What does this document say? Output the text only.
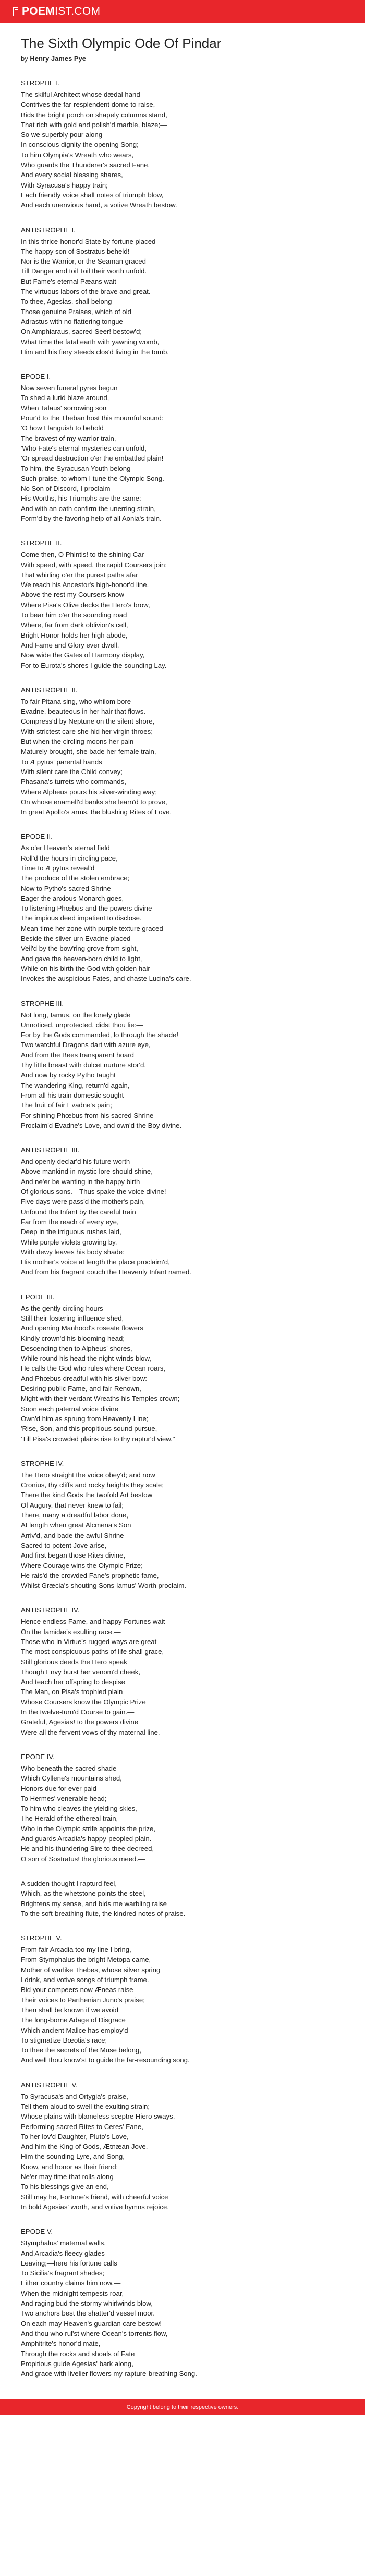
POEM IST.COM
The Sixth Olympic Ode Of Pindar
by Henry James Pye
STROPHE I.
The skilful Architect whose dædal hand
Contrives the far-resplendent dome to raise,
Bids the bright porch on shapely columns stand,
That rich with gold and polish'd marble, blaze;—
So we superbly pour along
In conscious dignity the opening Song;
To him Olympia's Wreath who wears,
Who guards the Thunderer's sacred Fane,
And every social blessing shares,
With Syracusa's happy train;
Each friendly voice shall notes of triumph blow,
And each unenvious hand, a votive Wreath bestow.
ANTISTROPHE I.
In this thrice-honor'd State by fortune placed
The happy son of Sostratus beheld!
Nor is the Warrior, or the Seaman graced
Till Danger and toil Toil their worth unfold.
But Fame's eternal Pæans wait
The virtuous labors of the brave and great.—
To thee, Agesias, shall belong
Those genuine Praises, which of old
Adrastus with no flattering tongue
On Amphiaraus, sacred Seer! bestow'd;
What time the fatal earth with yawning womb,
Him and his fiery steeds clos'd living in the tomb.
EPODE I.
Now seven funeral pyres begun
To shed a lurid blaze around,
When Talaus' sorrowing son
Pour'd to the Theban host this mournful sound:
'O how I languish to behold
The bravest of my warrior train,
'Who Fate's eternal mysteries can unfold,
'Or spread destruction o'er the embattled plain!
To him, the Syracusan Youth belong
Such praise, to whom I tune the Olympic Song.
No Son of Discord, I proclaim
His Worths, his Triumphs are the same:
And with an oath confirm the unerring strain,
Form'd by the favoring help of all Aonia's train.
STROPHE II.
Come then, O Phintis! to the shining Car
With speed, with speed, the rapid Coursers join;
That whirling o'er the purest paths afar
We reach his Ancestor's high-honor'd line.
Above the rest my Coursers know
Where Pisa's Olive decks the Hero's brow,
To bear him o'er the sounding road
Where, far from dark oblivion's cell,
Bright Honor holds her high abode,
And Fame and Glory ever dwell.
Now wide the Gates of Harmony display,
For to Eurota's shores I guide the sounding Lay.
ANTISTROPHE II.
To fair Pitana sing, who whilom bore
Evadne, beauteous in her hair that flows.
Compress'd by Neptune on the silent shore,
With strictest care she hid her virgin throes;
But when the circling moons her pain
Maturely brought, she bade her female train,
To Æpytus' parental hands
With silent care the Child convey;
Phasana's turrets who commands,
Where Alpheus pours his silver-winding way;
On whose enamell'd banks she learn'd to prove,
In great Apollo's arms, the blushing Rites of Love.
EPODE II.
As o'er Heaven's eternal field
Roll'd the hours in circling pace,
Time to Æpytus reveal'd
The produce of the stolen embrace;
Now to Pytho's sacred Shrine
Eager the anxious Monarch goes,
To listening Phœbus and the powers divine
The impious deed impatient to disclose.
Mean-time her zone with purple texture graced
Beside the silver urn Evadne placed
Veil'd by the bow'ring grove from sight,
And gave the heaven-born child to light,
While on his birth the God with golden hair
Invokes the auspicious Fates, and chaste Lucina's care.
STROPHE III.
Not long, Iamus, on the lonely glade
Unnoticed, unprotected, didst thou lie:—
For by the Gods commanded, lo through the shade!
Two watchful Dragons dart with azure eye,
And from the Bees transparent hoard
Thy little breast with dulcet nurture stor'd.
And now by rocky Pytho taught
The wandering King, return'd again,
From all his train domestic sought
The fruit of fair Evadne's pain;
For shining Phœbus from his sacred Shrine
Proclaim'd Evadne's Love, and own'd the Boy divine.
ANTISTROPHE III.
And openly declar'd his future worth
Above mankind in mystic lore should shine,
And ne'er be wanting in the happy birth
Of glorious sons.—Thus spake the voice divine!
Five days were pass'd the mother's pain,
Unfound the Infant by the careful train
Far from the reach of every eye,
Deep in the irriguous rushes laid,
While purple violets growing by,
With dewy leaves his body shade:
His mother's voice at length the place proclaim'd,
And from his fragrant couch the Heavenly Infant named.
EPODE III.
As the gently circling hours
Still their fostering influence shed,
And opening Manhood's roseate flowers
Kindly crown'd his blooming head;
Descending then to Alpheus' shores,
While round his head the night-winds blow,
He calls the God who rules where Ocean roars,
And Phœbus dreadful with his silver bow:
Desiring public Fame, and fair Renown,
Might with their verdant Wreaths his Temples crown;—
Soon each paternal voice divine
Own'd him as sprung from Heavenly Line;
'Rise, Son, and this propitious sound pursue,
'Till Pisa's crowded plains rise to thy raptur'd view."
STROPHE IV.
The Hero straight the voice obey'd; and now
Cronius, thy cliffs and rocky heights they scale;
There the kind Gods the twofold Art bestow
Of Augury, that never knew to fail;
There, many a dreadful labor done,
At length when great Alcmena's Son
Arriv'd, and bade the awful Shrine
Sacred to potent Jove arise,
And first began those Rites divine,
Where Courage wins the Olympic Prize;
He rais'd the crowded Fane's prophetic fame,
Whilst Græcia's shouting Sons Iamus' Worth proclaim.
ANTISTROPHE IV.
Hence endless Fame, and happy Fortunes wait
On the Iamidæ's exulting race.—
Those who in Virtue's rugged ways are great
The most conspicuous paths of life shall grace,
Still glorious deeds the Hero speak
Though Envy burst her venom'd cheek,
And teach her offspring to despise
The Man, on Pisa's trophied plain
Whose Coursers know the Olympic Prize
In the twelve-turn'd Course to gain.—
Grateful, Agesias! to the powers divine
Were all the fervent vows of thy maternal line.
EPODE IV.
Who beneath the sacred shade
Which Cyllene's mountains shed,
Honors due for ever paid
To Hermes' venerable head;
To him who cleaves the yielding skies,
The Herald of the ethereal train,
Who in the Olympic strife appoints the prize,
And guards Arcadia's happy-peopled plain.
He and his thundering Sire to thee decreed,
O son of Sostratus! the glorious meed.—
A sudden thought I rapturd feel,
Which, as the whetstone points the steel,
Brightens my sense, and bids me warbling raise
To the soft-breathing flute, the kindred notes of praise.
STROPHE V.
From fair Arcadia too my line I bring,
From Stymphalus the bright Metopa came,
Mother of warlike Thebes, whose silver spring
I drink, and votive songs of triumph frame.
Bid your compeers now Æneas raise
Their voices to Parthenian Juno's praise;
Then shall be known if we avoid
The long-borne Adage of Disgrace
Which ancient Malice has employ'd
To stigmatize Bœotia's race;
To thee the secrets of the Muse belong,
And well thou know'st to guide the far-resounding song.
ANTISTROPHE V.
To Syracusa's and Ortygia's praise,
Tell them aloud to swell the exulting strain;
Whose plains with blameless sceptre Hiero sways,
Performing sacred Rites to Ceres' Fane,
To her lov'd Daughter, Pluto's Love,
And him the King of Gods, Ætnæan Jove.
Him the sounding Lyre, and Song,
Know, and honor as their friend;
Ne'er may time that rolls along
To his blessings give an end,
Still may he, Fortune's friend, with cheerful voice
In bold Agesias' worth, and votive hymns rejoice.
EPODE V.
Stymphalus' maternal walls,
And Arcadia's fleecy glades
Leaving;—here his fortune calls
To Sicilia's fragrant shades;
Either country claims him now.—
When the midnight tempests roar,
And raging bud the stormy whirlwinds blow,
Two anchors best the shatter'd vessel moor.
On each may Heaven's guardian care bestow!—
And thou who rul'st where Ocean's torrents flow,
Amphitrite's honor'd mate,
Through the rocks and shoals of Fate
Propitious guide Agesias' bark along,
And grace with livelier flowers my rapture-breathing Song.
Copyright belong to their respective owners.
